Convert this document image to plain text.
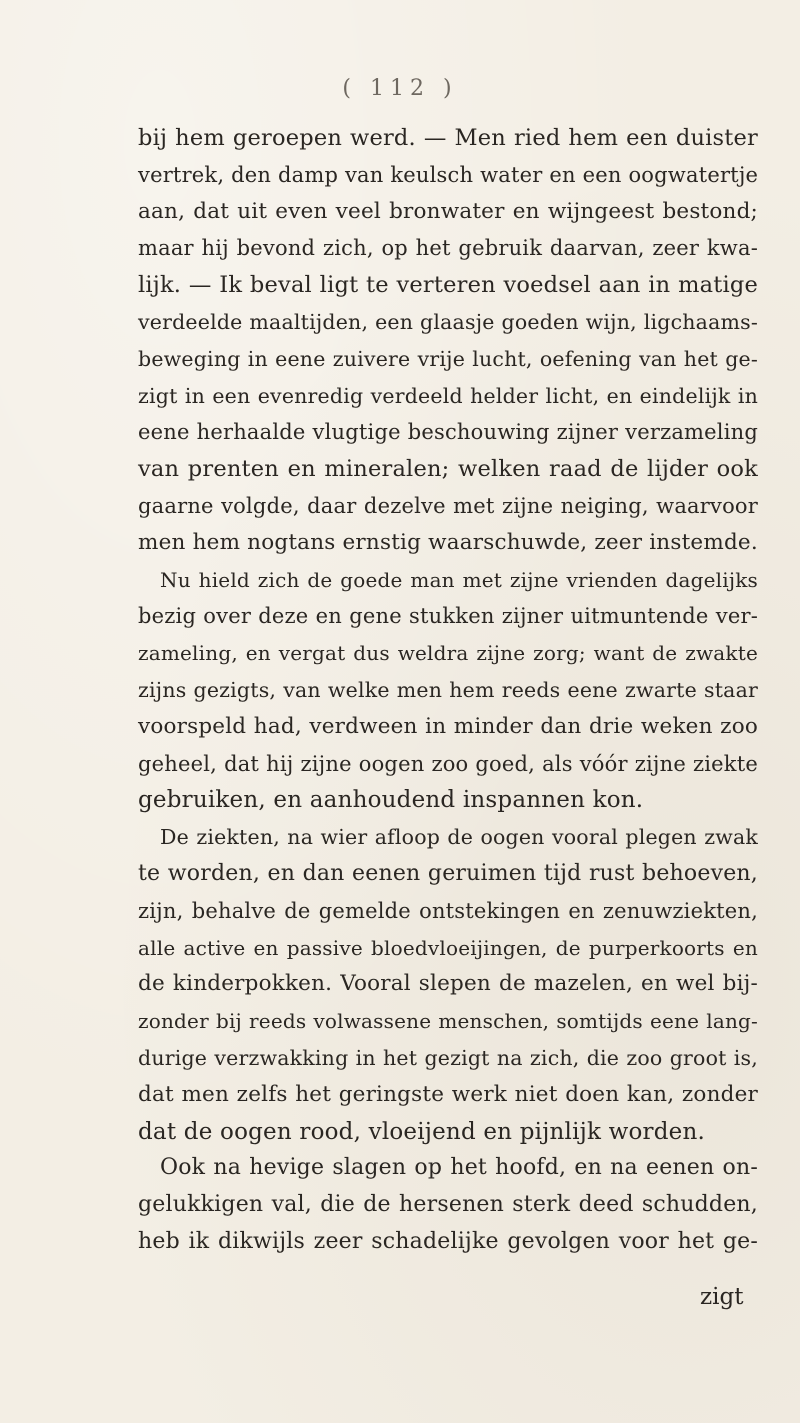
( 112 )
bij hem geroepen werd. — Men ried hem een duister
vertrek, den damp van keulsch water en een oogwatertje
aan, dat uit even veel bronwater en wijngeest bestond;
maar hij bevond zich, op het gebruik daarvan, zeer kwa-
lijk. — Ik beval ligt te verteren voedsel aan in matige
verdeelde maaltijden, een glaasje goeden wijn, ligchaams-
beweging in eene zuivere vrije lucht, oefening van het ge-
zigt in een evenredig verdeeld helder licht, en eindelijk in
eene herhaalde vlugtige beschouwing zijner verzameling
van prenten en mineralen; welken raad de lijder ook
gaarne volgde, daar dezelve met zijne neiging, waarvoor
men hem nogtans ernstig waarschuwde, zeer instemde.
Nu hield zich de goede man met zijne vrienden dagelijks
bezig over deze en gene stukken zijner uitmuntende ver-
zameling, en vergat dus weldra zijne zorg; want de zwakte
zijns gezigts, van welke men hem reeds eene zwarte staar
voorspeld had, verdween in minder dan drie weken zoo
geheel, dat hij zijne oogen zoo goed, als vóór zijne ziekte
gebruiken, en aanhoudend inspannen kon.
De ziekten, na wier afloop de oogen vooral plegen zwak
te worden, en dan eenen geruimen tijd rust behoeven,
zijn, behalve de gemelde ontstekingen en zenuwziekten,
alle active en passive bloedvloeijingen, de purperkoorts en
de kinderpokken. Vooral slepen de mazelen, en wel bij-
zonder bij reeds volwassene menschen, somtijds eene lang-
durige verzwakking in het gezigt na zich, die zoo groot is,
dat men zelfs het geringste werk niet doen kan, zonder
dat de oogen rood, vloeijend en pijnlijk worden.
Ook na hevige slagen op het hoofd, en na eenen on-
gelukkigen val, die de hersenen sterk deed schudden,
heb ik dikwijls zeer schadelijke gevolgen voor het ge-
zigt
